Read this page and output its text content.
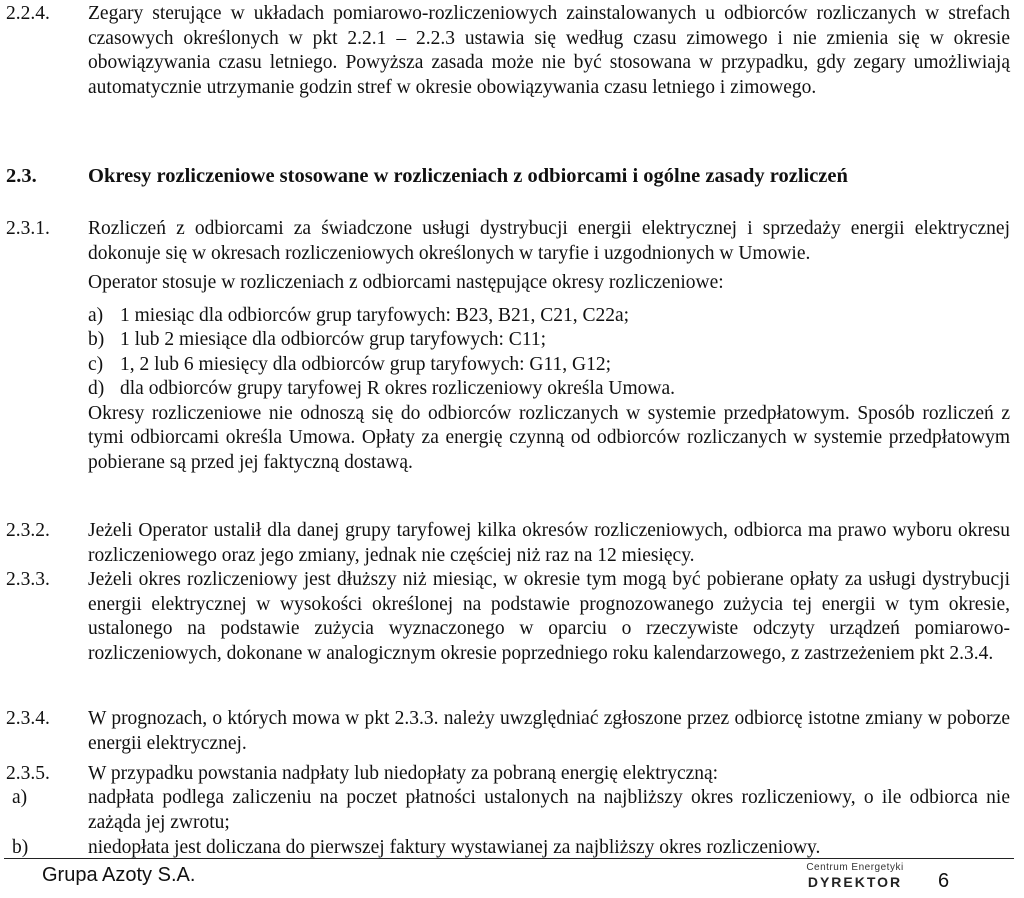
2.2.4. Zegary sterujące w układach pomiarowo-rozliczeniowych zainstalowanych u odbiorców rozliczanych w strefach czasowych określonych w pkt 2.2.1 – 2.2.3 ustawia się według czasu zimowego i nie zmienia się w okresie obowiązywania czasu letniego. Powyższa zasada może nie być stosowana w przypadku, gdy zegary umożliwiają automatycznie utrzymanie godzin stref w okresie obowiązywania czasu letniego i zimowego.

2.3.	Okresy rozliczeniowe stosowane w rozliczeniach z odbiorcami i ogólne zasady rozliczeń
2.3.1. Rozliczeń z odbiorcami za świadczone usługi dystrybucji energii elektrycznej i sprzedaży energii elektrycznej dokonuje się w okresach rozliczeniowych określonych w taryfie i uzgodnionych w Umowie.

Operator stosuje w rozliczeniach z odbiorcami następujące okresy rozliczeniowe:

a) 1 miesiąc dla odbiorców grup taryfowych: B23, B21, C21, C22a;
b) 1 lub 2 miesiące dla odbiorców grup taryfowych: C11;
c) 1, 2 lub 6 miesięcy dla odbiorców grup taryfowych: G11, G12;
d) dla odbiorców grupy taryfowej R okres rozliczeniowy określa Umowa.

Okresy rozliczeniowe nie odnoszą się do odbiorców rozliczanych w systemie przedpłatowym. Sposób rozliczeń z tymi odbiorcami określa Umowa. Opłaty za energię czynną od odbiorców rozliczanych w systemie przedpłatowym pobierane są przed jej faktyczną dostawą.

2.3.2. Jeżeli Operator ustalił dla danej grupy taryfowej kilka okresów rozliczeniowych, odbiorca ma prawo wyboru okresu rozliczeniowego oraz jego zmiany, jednak nie częściej niż raz na 12 miesięcy.

2.3.3. Jeżeli okres rozliczeniowy jest dłuższy niż miesiąc, w okresie tym mogą być pobierane opłaty za usługi dystrybucji energii elektrycznej w wysokości określonej na podstawie prognozowanego zużycia tej energii w tym okresie, ustalonego na podstawie zużycia wyznaczonego w oparciu o rzeczywiste odczyty urządzeń pomiarowo-rozliczeniowych, dokonane w analogicznym okresie poprzedniego roku kalendarzowego, z zastrzeżeniem pkt 2.3.4.

2.3.4. W prognozach, o których mowa w pkt 2.3.3. należy uwzględniać zgłoszone przez odbiorcę istotne zmiany w poborze energii elektrycznej.

2.3.5. W przypadku powstania nadpłaty lub niedopłaty za pobraną energię elektryczną:

a)	nadpłata podlega zaliczeniu na poczet płatności ustalonych na najbliższy okres rozliczeniowy, o ile odbiorca nie zażąda jej zwrotu;
b)	niedopłata jest doliczana do pierwszej faktury wystawianej za najbliższy okres rozliczeniowy.
Grupa Azoty S.A.	Centrum Energetyki
DYREKTOR	6
